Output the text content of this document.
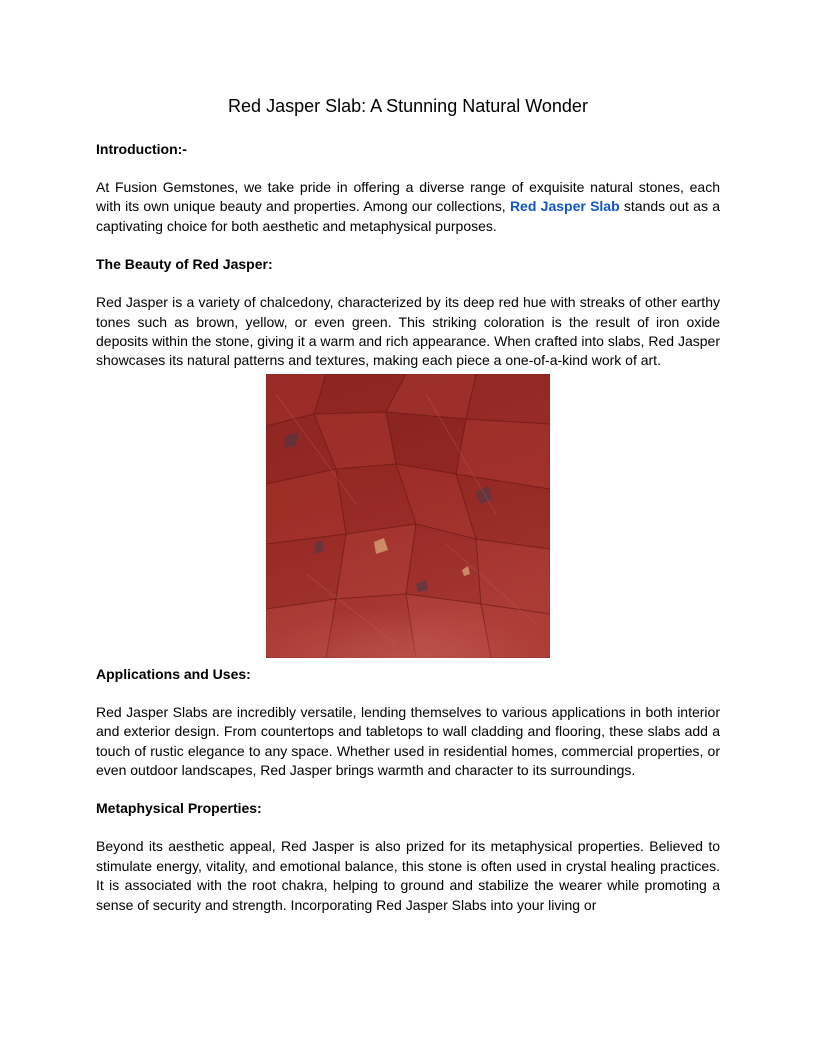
Red Jasper Slab: A Stunning Natural Wonder

Introduction:-

At Fusion Gemstones, we take pride in offering a diverse range of exquisite natural stones, each with its own unique beauty and properties. Among our collections, Red Jasper Slab stands out as a captivating choice for both aesthetic and metaphysical purposes.

The Beauty of Red Jasper:

Red Jasper is a variety of chalcedony, characterized by its deep red hue with streaks of other earthy tones such as brown, yellow, or even green. This striking coloration is the result of iron oxide deposits within the stone, giving it a warm and rich appearance. When crafted into slabs, Red Jasper showcases its natural patterns and textures, making each piece a one-of-a-kind work of art.

Applications and Uses:

Red Jasper Slabs are incredibly versatile, lending themselves to various applications in both interior and exterior design. From countertops and tabletops to wall cladding and flooring, these slabs add a touch of rustic elegance to any space. Whether used in residential homes, commercial properties, or even outdoor landscapes, Red Jasper brings warmth and character to its surroundings.

Metaphysical Properties:

Beyond its aesthetic appeal, Red Jasper is also prized for its metaphysical properties. Believed to stimulate energy, vitality, and emotional balance, this stone is often used in crystal healing practices. It is associated with the root chakra, helping to ground and stabilize the wearer while promoting a sense of security and strength. Incorporating Red Jasper Slabs into your living or
